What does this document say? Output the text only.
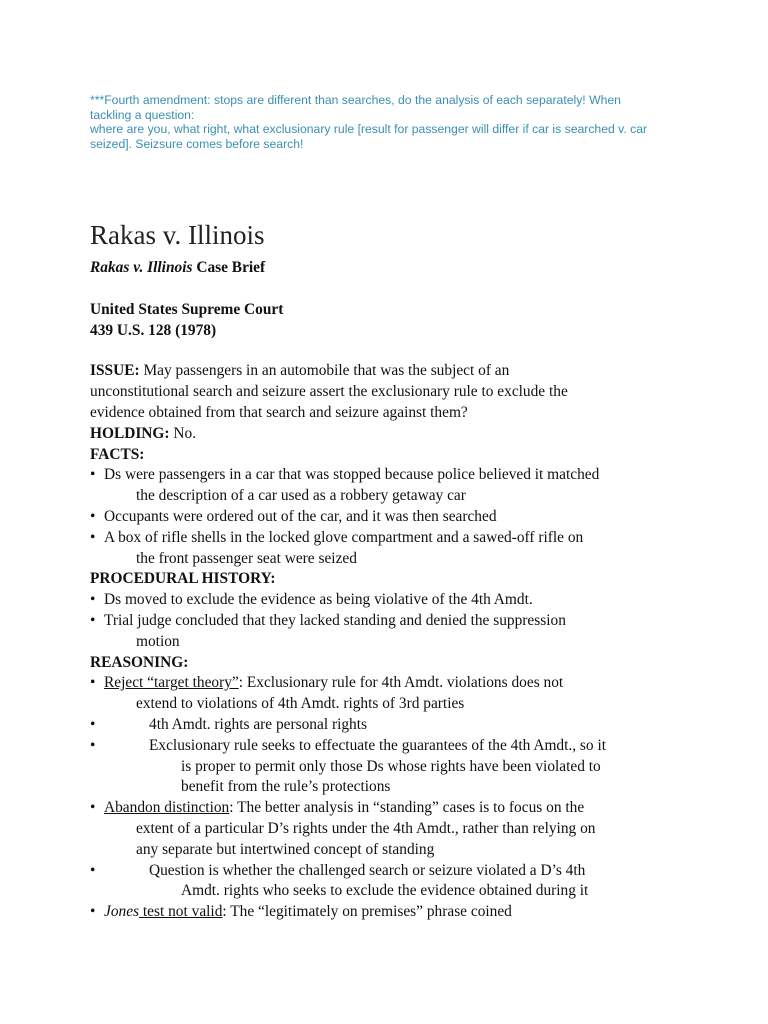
***Fourth amendment: stops are different than searches, do the analysis of each separately! When
tackling a question:
where are you, what right, what exclusionary rule [result for passenger will differ if car is searched v. car
seized]. Seizsure comes before search!
Rakas v. Illinois
Rakas v. Illinois Case Brief
United States Supreme Court
439 U.S. 128 (1978)
ISSUE: May passengers in an automobile that was the subject of an
unconstitutional search and seizure assert the exclusionary rule to exclude the
evidence obtained from that search and seizure against them?
HOLDING: No.
FACTS:
• Ds were passengers in a car that was stopped because police believed it matched
the description of a car used as a robbery getaway car
• Occupants were ordered out of the car, and it was then searched
• A box of rifle shells in the locked glove compartment and a sawed-off rifle on
the front passenger seat were seized
PROCEDURAL HISTORY:
• Ds moved to exclude the evidence as being violative of the 4th Amdt.
• Trial judge concluded that they lacked standing and denied the suppression
motion
REASONING:
• Reject “target theory”: Exclusionary rule for 4th Amdt. violations does not
extend to violations of 4th Amdt. rights of 3rd parties
•	4th Amdt. rights are personal rights
•	Exclusionary rule seeks to effectuate the guarantees of the 4th Amdt., so it
is proper to permit only those Ds whose rights have been violated to
benefit from the rule’s protections
• Abandon distinction: The better analysis in “standing” cases is to focus on the
extent of a particular D’s rights under the 4th Amdt., rather than relying on
any separate but intertwined concept of standing
•	Question is whether the challenged search or seizure violated a D’s 4th
Amdt. rights who seeks to exclude the evidence obtained during it
• Jones test not valid: The “legitimately on premises” phrase coined
